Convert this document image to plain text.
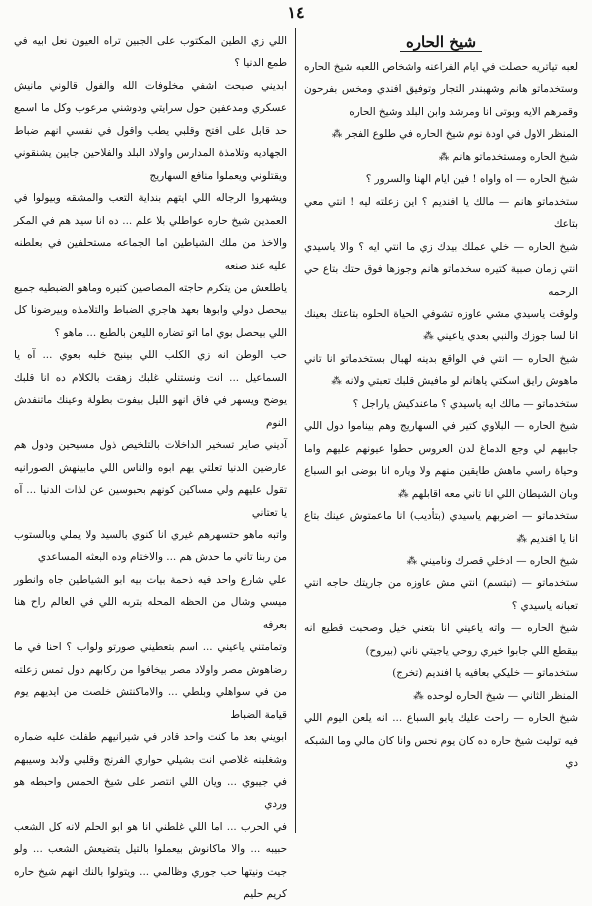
١٤
شيخ الحاره

لعبه تياتريه حصلت في ايام الفراعنه واشخاص اللعبه شيخ الحاره وستخدماتو هانم وشهبندر التجار وتوفيق افندي ومخس بفرحون وقمرهم الايه وبوتى انا ومرشد وابن البلد وشيخ الحاره

المنظر الاول في اودة نوم شيخ الحاره في طلوع الفجر ⁂

شيخ الحاره ومستخدماتو هانم ⁂

شيخ الحاره — اه واواه ! فين ايام الهنا والسرور ؟

ستخدماتو هانم — مالك يا افنديم ؟ اين زعلته ليه ! انتي معي بتاعك

شيخ الحاره — خلي عملك بيدك زي ما انتي ايه ؟ والا ياسيدي انتي زمان صبية كتيره سخدماتو هانم وجوزها فوق حتك بتاع حي الرحمه

ولوقت ياسيدي مشي عاوزه تشوفي الحياة الحلوه بتاعتك بعينك انا لسا جوزك والنبي بعدي ياعيني ⁂

شيخ الحاره — انتي في الواقع بدينه لهبال بستخدماتو انا تاني ماهوش رايق اسكتي ياهانم لو مافيش قلبك تعبتي ولانه ⁂

ستخدماتو — مالك ايه ياسيدي ؟ ماعندكيش ياراجل ؟

شيخ الحاره — البلاوي كتير في السهاريج وهم بيناموا دول اللي جابيهم لي وجع الدماغ لدن العروس حطوا عيونهم عليهم واما وحياة راسي ماهش طايقين منهم ولا وياره انا بوضى ابو السباع وبان الشيطان اللي انا تاني معه اقابلهم ⁂

ستخدماتو — اضربهم ياسيدي (بتأديب) انا ماعمتوش عينك بتاع انا يا افنديم ⁂

شيخ الحاره — ادخلي قصرك وناميني ⁂

ستخدماتو — (تبتسم) انتي مش عاوزه من جاريتك حاجه انتي تعبانه ياسيدي ؟

شيخ الحاره — واته ياعيني انا بتعني خيل وصحبت قطيع انه بيقطع اللي جابوا خيري روحي ياجيتي ناني (بيروح)

ستخدماتو — خليكي بعافيه يا افنديم (تخرج)

المنظر الثاني — شيخ الحاره لوحده ⁂

شيخ الحاره — راحت عليك يابو السباع ... انه يلعن اليوم اللي فيه توليت شيخ حاره ده كان يوم نحس وانا كان مالي وما الشبكه دي

اللي زي الطين المكتوب على الجبين تراه العيون نعل ابيه في طمع الدنيا ؟

ابديني صبحت اشفي مخلوفات الله والفول قالوني مانيش عسكري ومدعفين حول سرايتي ودوشني مرعوب وكل ما اسمع حد قابل على افتح وقلبي يطب واقول في نفسي انهم ضباط الجهاديه وتلامذة المدارس واولاد البلد والفلاحين جايين يشنقوني ويقتلوني ويعملوا منافع السهاريج

ويشهروا الرجاله اللي ايتهم بنداية التعب والمشقه وبيولوا في العمدين شيخ حاره عواطلي بلا علم ... ده انا سيد هم في المكر والاخذ من ملك الشياطين اما الجماعه مستحلفين في بعلطنه عليه عند صنعه

ياطلعش من يتكرم حاجته المصاصين كتيره وماهو الضبطيه جميع بيحصل دولي وابوها بعهد هاجري الضباط والتلامذه وبيرضونا كل اللي بيحصل بوي اما اتو تضاره الليعن بالطبع ... ماهو ؟

حب الوطن انه زي الكلب اللي بينبح خلبه بعوي ... آه يا السماعيل ... انت ونستنلي غلبك زهقت بالكلام ده انا قلبك يوضح ويسهر في فاق انهو الليل بيفوت بطولة وعينك ماتنفدش النوم

آديني صاير تسخير الداخلات بالتلخيص ذول مسيحين ودول هم عارضين الدنيا تعلتي يهم ابوه والناس اللي مابينهش الصورانيه تقول عليهم ولي مساكين كونهم بحبوسين عن لذات الدنيا ... آه يا تعتاني

واتبه ماهو حتسهرهم غيري انا كنوي بالسيد ولا يملي وبالستوب من ربنا تاني ما حدش هم ... والاختام وده البعثه المساعدي

علي شارع واحد فيه ذحمة بيات بيه ابو الشياطين جاه وانطور ميسي وشال من الحظه المحله بتربه اللي في العالم راح هنا بعرفه

وتمامتني ياعيني ... اسم بتعطيني صورتو ولواب ؟ احنا في ما رضاهوش مصر واولاد مصر بيخافوا من ركابهم دول تمس زعلته من في سواهلي وبلطي ... والاماكنتش خلصت من ايديهم يوم قيامة الضباط

ابويني بعد ما كنت واحد قادر في شيرانيهم طفلت عليه ضماره وشغلبنه غلاصي انت بشيلي حواري الفرنج وقلبي ولابد وسيبهم في جيبوي ... ويان اللي انتصر على شيخ الحمس واحبطه هو وردي

في الحرب ... اما اللي غلطني انا هو ابو الحلم لانه كل الشعب حبيبه ... والا ماكانوش بيعملوا بالتيل يتضيعش الشعب ... ولو جيت ونيتها حب جوري وظالمي ... ويتولوا بالنك انهم شيخ حاره كريم حليم
